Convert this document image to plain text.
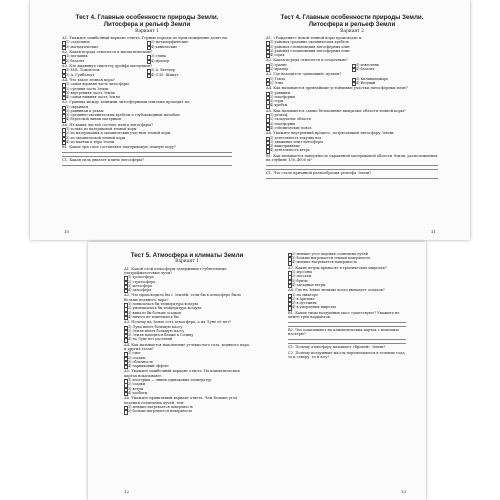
Тест 4. Главные особенности природы Земли. Литосфера и рельеф Земли
Вариант 1
А1. Укажите ошибочный вариант ответа. Горные породы по происхождению делят на:
1) осадочные	2) метаморфические
3) магматические	4) химические
А2. Какая порода относится к магматическим?
1) песчаник	3) глина
2) базальт	4) мрамор
А3. Кто выдвинул гипотезу дрейфа материков?
1) М.В. Ломоносов	3) А. Вегенер
2) А. Гумбольдт	4) О.Ю. Шмидт
А4. Что такое земная кора?
1) самая верхняя часть литосферы
2) средняя часть Земли
3) внутренняя часть Земли
4) самая нижняя часть Земли
А5. Граница между земными литосферными плитами проходит по:
1) окраинам
2) равнинам и рекам
3) срединно-океаническим хребтам и глубоководным желобам
4) береговой линии материков
А6. Из каких частей состоит плита литосферы?
1) только из материковой земной коры
2) из материковых и океанических участков земной коры
3) из океанической земной коры
4) из мантии и ядра Земли
В1. Какие три слоя составляют материковую земную кору?
С1. Какая сила двигает плиты литосферы?
Тест 4. Главные особенности природы Земли. Литосфера и рельеф Земли
Вариант 2
А1. «Рождение» новой земной коры происходит в:
1) районах срединно-океанических хребтов
2) районах столкновения литосферных плит
3) районах столкновения литосферных плит
4) горах
А2. Какая порода относится к осадочным?
1) гранит	3) известняк
2) мрамор	4) базальт
А3. Где находится «дышащий» вулкан?
1) Гекла	3) Килиманджаро
2) Этна	4) Везувий
А4. Как называются древнейшие устойчивые участки литосферных плит?
1) равнины
2) платформы
3) горы
4) хребты
А5. Как называются самые безмолвные выпуклые области земной коры?
1) рельеф
2) складчатые области
3) платформы
4) сейсмические пояса
А6. Укажите внутренний процесс, потрясающий литосферу Земли:
1) деятельность текучих вод
2) движение плит литосферы
3) выветривание
4) деятельность ветра
В1. Как называется поверхность окраинной материковой области Земли, расположенная на глубине 150–4000 м?
С1. Что стало причиной разнообразия рельефа Земли?
10	11
Тест 5. Атмосфера и климаты Земли
Вариант 1
А1. Какой слой атмосферы задерживает губительные ультрафиолетовые лучи?
1) тропосфера
2) стратосфера
3) мезосфера
4) экзосфера
А2. Что происходило бы с Землёй, если бы в атмосфере было больше водяного пара?
1) повысилась бы температура воздуха
2) уменьшилась бы температура воздуха
3) выпало бы больше осадков
4) ничего не изменилось бы
А3. Почему на Земле есть атмосфера, а на Луне её нет?
1) Луна имеет большую массу
2) Земля имеет большую массу
3) Земля находится ближе к Солнцу
4) на Луне нет растений
А4. Как называется накопление углекислого газа, водяного пара и других газов?
1) смог
2) осадки
3) облачность
4) парниковый эффект
А5. Укажите ошибочный вариант ответа. На климатических картах показывают:
1) изотермы — линии одинаковых температур
2) осадки
3) ветры
4) изобаты
А6. Укажите правильный вариант ответа. Чем больше угол падения солнечных лучей, тем:
1) меньше нагревается поверхность
2) больше нагревается поверхность
2) меньше угол падения солнечных лучей
3) больше нагревается земная поверхность
4) меньше нагревается поверхность
А7. Какие ветры приносят в тропических широтах?
1) муссоны
2) пассаты
3) бризы
4) западные ветры
А8. Где на Земле меньше всего выпадает осадков?
1) на экваторе
2) в Арктике
3) в пустынях
4) в умеренных широтах
В1. Какие типы воздушных масс существуют? Укажите не менее трёх вариантов.
В2. Что показывают на климатических картах с помощью изотерм?
С1. Почему атмосферу называют «броней» Земли?
С2. Почему воздушные массы перемещаются в течение года то к северу, то к югу?
12	13
